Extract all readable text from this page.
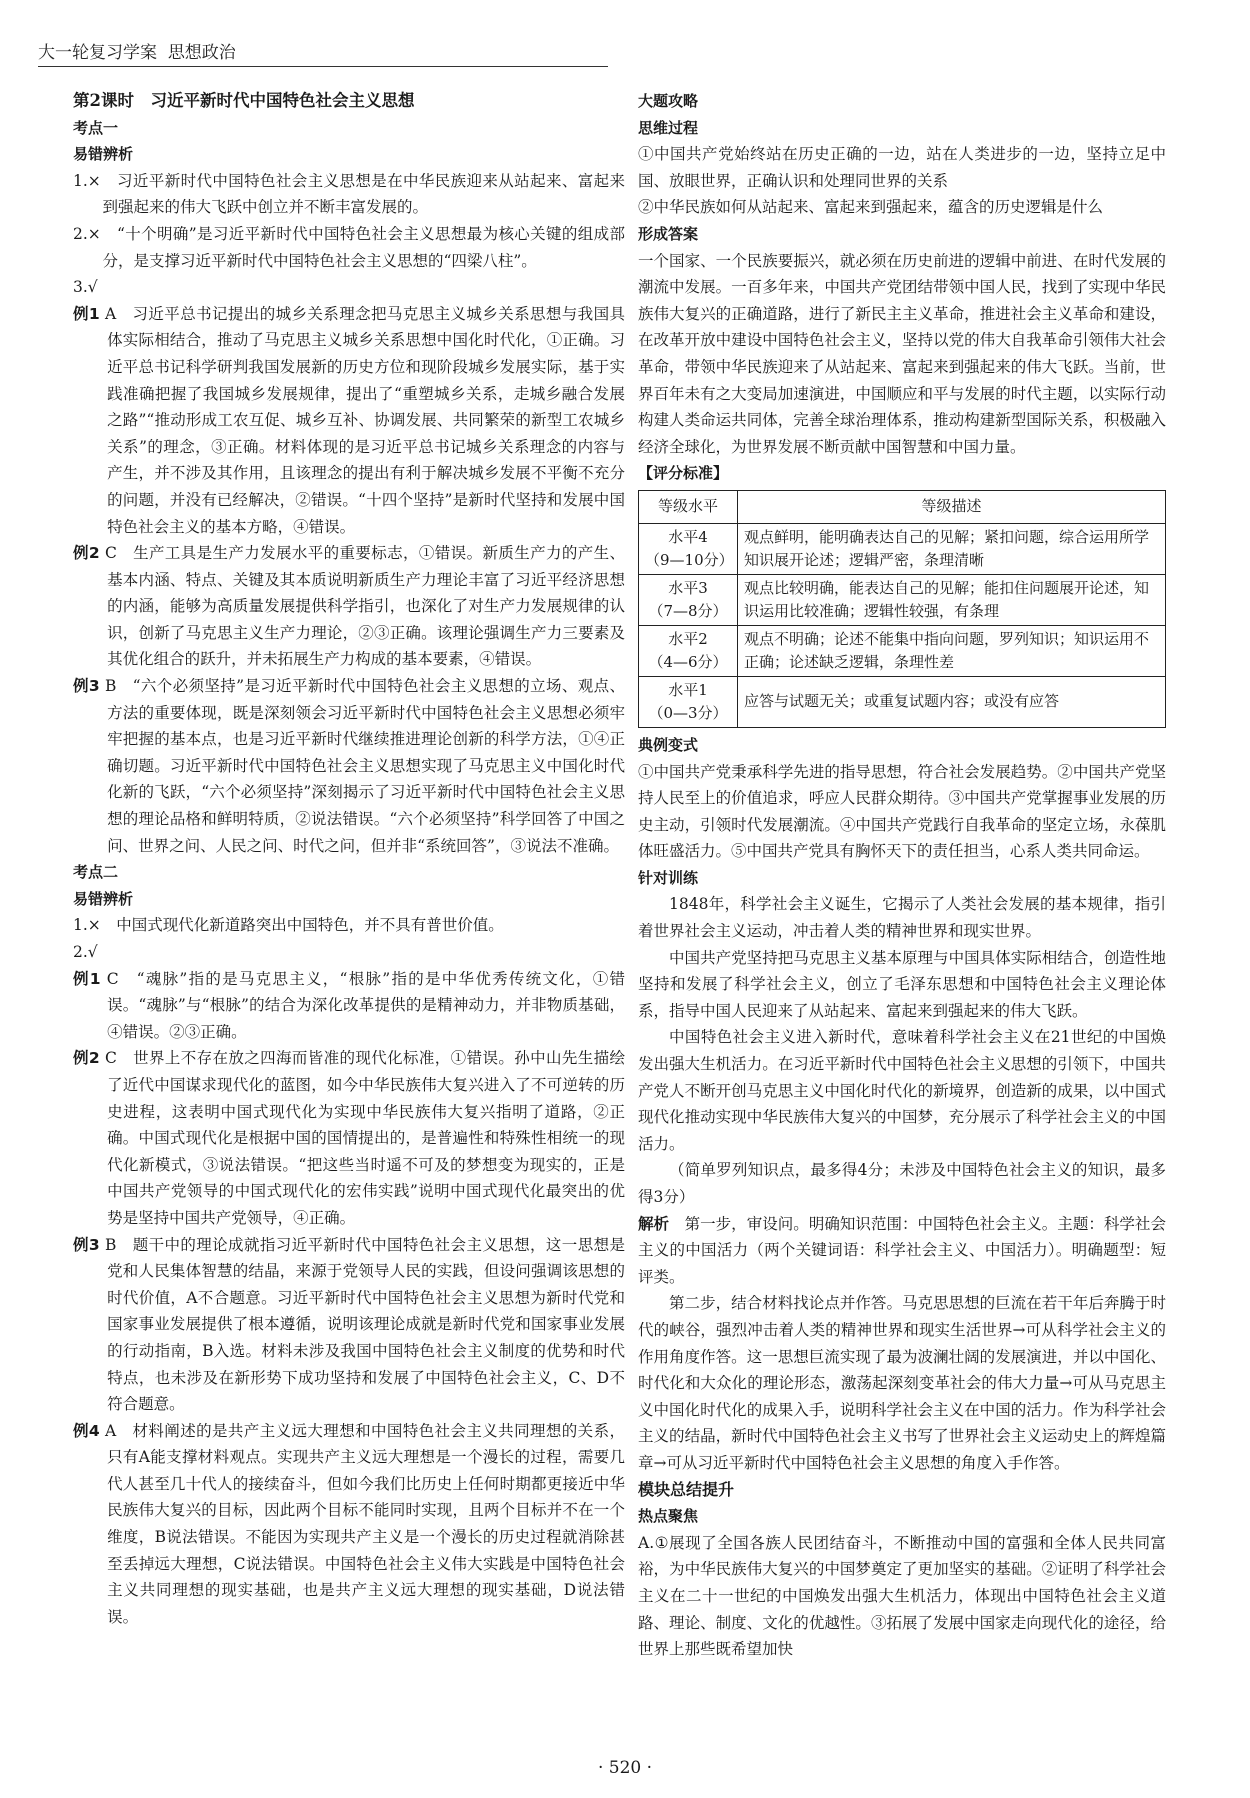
大一轮复习学案 思想政治

第2课时　习近平新时代中国特色社会主义思想

考点一

易错辨析

1.×　习近平新时代中国特色社会主义思想是在中华民族迎来从站起来、富起来到强起来的伟大飞跃中创立并不断丰富发展的。

2.×　“十个明确”是习近平新时代中国特色社会主义思想最为核心关键的组成部分，是支撑习近平新时代中国特色社会主义思想的“四梁八柱”。

3.√

例1 A　习近平总书记提出的城乡关系理念把马克思主义城乡关系思想与我国具体实际相结合，推动了马克思主义城乡关系思想中国化时代化，①正确。习近平总书记科学研判我国发展新的历史方位和现阶段城乡发展实际，基于实践准确把握了我国城乡发展规律，提出了“重塑城乡关系，走城乡融合发展之路”“推动形成工农互促、城乡互补、协调发展、共同繁荣的新型工农城乡关系”的理念，③正确。材料体现的是习近平总书记城乡关系理念的内容与产生，并不涉及其作用，且该理念的提出有利于解决城乡发展不平衡不充分的问题，并没有已经解决，②错误。“十四个坚持”是新时代坚持和发展中国特色社会主义的基本方略，④错误。

例2 C　生产工具是生产力发展水平的重要标志，①错误。新质生产力的产生、基本内涵、特点、关键及其本质说明新质生产力理论丰富了习近平经济思想的内涵，能够为高质量发展提供科学指引，也深化了对生产力发展规律的认识，创新了马克思主义生产力理论，②③正确。该理论强调生产力三要素及其优化组合的跃升，并未拓展生产力构成的基本要素，④错误。

例3 B　“六个必须坚持”是习近平新时代中国特色社会主义思想的立场、观点、方法的重要体现，既是深刻领会习近平新时代中国特色社会主义思想必须牢牢把握的基本点，也是习近平新时代继续推进理论创新的科学方法，①④正确切题。习近平新时代中国特色社会主义思想实现了马克思主义中国化时代化新的飞跃，“六个必须坚持”深刻揭示了习近平新时代中国特色社会主义思想的理论品格和鲜明特质，②说法错误。“六个必须坚持”科学回答了中国之问、世界之问、人民之问、时代之问，但并非“系统回答”，③说法不准确。

考点二

易错辨析

1.×　中国式现代化新道路突出中国特色，并不具有普世价值。

2.√

例1 C　“魂脉”指的是马克思主义，“根脉”指的是中华优秀传统文化，①错误。“魂脉”与“根脉”的结合为深化改革提供的是精神动力，并非物质基础，④错误。②③正确。

例2 C　世界上不存在放之四海而皆准的现代化标准，①错误。孙中山先生描绘了近代中国谋求现代化的蓝图，如今中华民族伟大复兴进入了不可逆转的历史进程，这表明中国式现代化为实现中华民族伟大复兴指明了道路，②正确。中国式现代化是根据中国的国情提出的，是普遍性和特殊性相统一的现代化新模式，③说法错误。“把这些当时遥不可及的梦想变为现实的，正是中国共产党领导的中国式现代化的宏伟实践”说明中国式现代化最突出的优势是坚持中国共产党领导，④正确。

例3 B　题干中的理论成就指习近平新时代中国特色社会主义思想，这一思想是党和人民集体智慧的结晶，来源于党领导人民的实践，但设问强调该思想的时代价值，A不合题意。习近平新时代中国特色社会主义思想为新时代党和国家事业发展提供了根本遵循，说明该理论成就是新时代党和国家事业发展的行动指南，B入选。材料未涉及我国中国特色社会主义制度的优势和时代特点，也未涉及在新形势下成功坚持和发展了中国特色社会主义，C、D不符合题意。

例4 A　材料阐述的是共产主义远大理想和中国特色社会主义共同理想的关系，只有A能支撑材料观点。实现共产主义远大理想是一个漫长的过程，需要几代人甚至几十代人的接续奋斗，但如今我们比历史上任何时期都更接近中华民族伟大复兴的目标，因此两个目标不能同时实现，且两个目标并不在一个维度，B说法错误。不能因为实现共产主义是一个漫长的历史过程就消除甚至丢掉远大理想，C说法错误。中国特色社会主义伟大实践是中国特色社会主义共同理想的现实基础，也是共产主义远大理想的现实基础，D说法错误。

大题攻略

思维过程

①中国共产党始终站在历史正确的一边，站在人类进步的一边，坚持立足中国、放眼世界，正确认识和处理同世界的关系

②中华民族如何从站起来、富起来到强起来，蕴含的历史逻辑是什么

形成答案

一个国家、一个民族要振兴，就必须在历史前进的逻辑中前进、在时代发展的潮流中发展。一百多年来，中国共产党团结带领中国人民，找到了实现中华民族伟大复兴的正确道路，进行了新民主主义革命，推进社会主义革命和建设，在改革开放中建设中国特色社会主义，坚持以党的伟大自我革命引领伟大社会革命，带领中华民族迎来了从站起来、富起来到强起来的伟大飞跃。当前，世界百年未有之大变局加速演进，中国顺应和平与发展的时代主题，以实际行动构建人类命运共同体，完善全球治理体系，推动构建新型国际关系，积极融入经济全球化，为世界发展不断贡献中国智慧和中国力量。

【评分标准】

等级水平	等级描述
水平4
（9—10分）	观点鲜明，能明确表达自己的见解；紧扣问题，综合运用所学知识展开论述；逻辑严密，条理清晰
水平3
（7—8分）	观点比较明确，能表达自己的见解；能扣住问题展开论述，知识运用比较准确；逻辑性较强，有条理
水平2
（4—6分）	观点不明确；论述不能集中指向问题，罗列知识；知识运用不正确；论述缺乏逻辑，条理性差
水平1
（0—3分）	应答与试题无关；或重复试题内容；或没有应答

典例变式

①中国共产党秉承科学先进的指导思想，符合社会发展趋势。②中国共产党坚持人民至上的价值追求，呼应人民群众期待。③中国共产党掌握事业发展的历史主动，引领时代发展潮流。④中国共产党践行自我革命的坚定立场，永葆肌体旺盛活力。⑤中国共产党具有胸怀天下的责任担当，心系人类共同命运。

针对训练

1848年，科学社会主义诞生，它揭示了人类社会发展的基本规律，指引着世界社会主义运动，冲击着人类的精神世界和现实世界。

中国共产党坚持把马克思主义基本原理与中国具体实际相结合，创造性地坚持和发展了科学社会主义，创立了毛泽东思想和中国特色社会主义理论体系，指导中国人民迎来了从站起来、富起来到强起来的伟大飞跃。

中国特色社会主义进入新时代，意味着科学社会主义在21世纪的中国焕发出强大生机活力。在习近平新时代中国特色社会主义思想的引领下，中国共产党人不断开创马克思主义中国化时代化的新境界，创造新的成果，以中国式现代化推动实现中华民族伟大复兴的中国梦，充分展示了科学社会主义的中国活力。

（简单罗列知识点，最多得4分；未涉及中国特色社会主义的知识，最多得3分）

解析　 第一步，审设问。明确知识范围：中国特色社会主义。主题：科学社会主义的中国活力（两个关键词语：科学社会主义、中国活力）。明确题型：短评类。

第二步，结合材料找论点并作答。马克思思想的巨流在若干年后奔腾于时代的峡谷，强烈冲击着人类的精神世界和现实生活世界→可从科学社会主义的作用角度作答。这一思想巨流实现了最为波澜壮阔的发展演进，并以中国化、时代化和大众化的理论形态，激荡起深刻变革社会的伟大力量→可从马克思主义中国化时代化的成果入手，说明科学社会主义在中国的活力。作为科学社会主义的结晶，新时代中国特色社会主义书写了世界社会主义运动史上的辉煌篇章→可从习近平新时代中国特色社会主义思想的角度入手作答。

模块总结提升

热点聚焦

A.①展现了全国各族人民团结奋斗，不断推动中国的富强和全体人民共同富裕，为中华民族伟大复兴的中国梦奠定了更加坚实的基础。②证明了科学社会主义在二十一世纪的中国焕发出强大生机活力，体现出中国特色社会主义道路、理论、制度、文化的优越性。③拓展了发展中国家走向现代化的途径，给世界上那些既希望加快

· 520 ·
